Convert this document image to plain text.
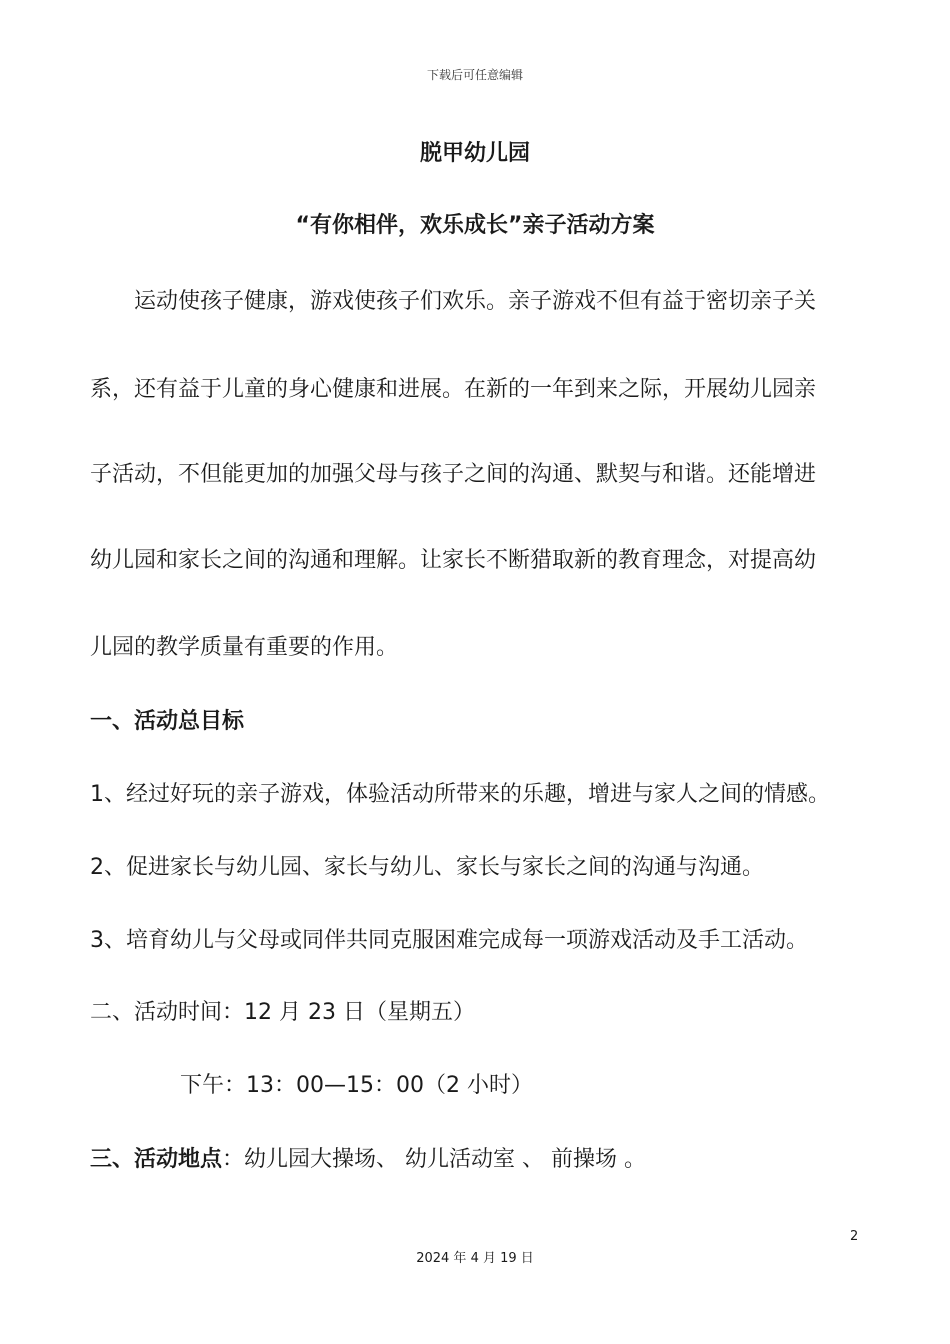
下载后可任意编辑
脱甲幼儿园
“有你相伴，欢乐成长”亲子活动方案
　　运动使孩子健康，游戏使孩子们欢乐。亲子游戏不但有益于密切亲子关
系，还有益于儿童的身心健康和进展。在新的一年到来之际，开展幼儿园亲
子活动，不但能更加的加强父母与孩子之间的沟通、默契与和谐。还能增进
幼儿园和家长之间的沟通和理解。让家长不断猎取新的教育理念，对提高幼
儿园的教学质量有重要的作用。
一、活动总目标
1、经过好玩的亲子游戏，体验活动所带来的乐趣，增进与家人之间的情感。
2、促进家长与幼儿园、家长与幼儿、家长与家长之间的沟通与沟通。
3、培育幼儿与父母或同伴共同克服困难完成每一项游戏活动及手工活动。
二、活动时间：12 月 23 日（星期五）
下午：13：00—15：00（2 小时）
三、活动地点：幼儿园大操场、 幼儿活动室 、 前操场 。
2
2024 年 4 月 19 日
